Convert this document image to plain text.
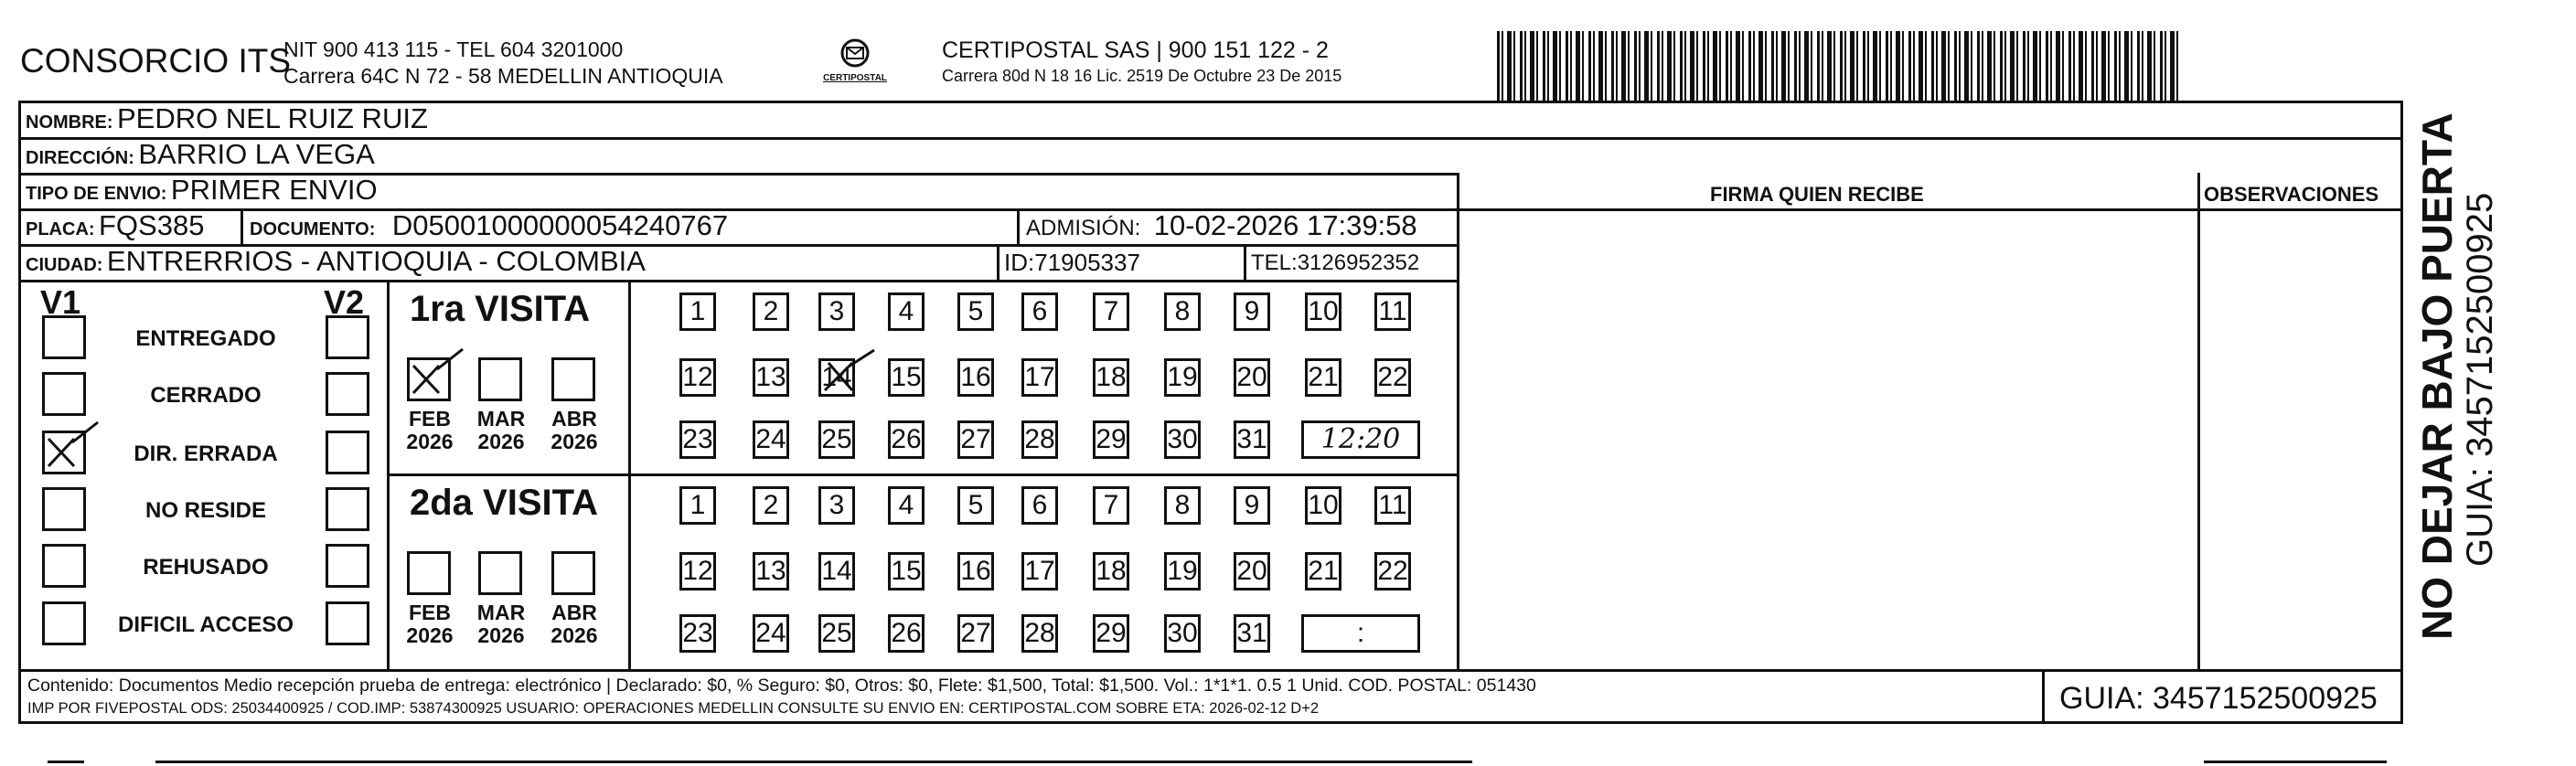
CONSORCIO ITS
NIT 900 413 115 - TEL 604 3201000
Carrera 64C N 72 - 58 MEDELLIN ANTIOQUIA	CERTIPOSTAL
CERTIPOSTAL SAS | 900 151 122 - 2
Carrera 80d N 18 16 Lic. 2519 De Octubre 23 De 2015
NOMBRE: PEDRO NEL RUIZ RUIZ
DIRECCIÓN: BARRIO LA VEGA
TIPO DE ENVIO: PRIMER ENVIO	FIRMA QUIEN RECIBE	OBSERVACIONES
PLACA: FQS385 DOCUMENTO: D05001000000054240767	ADMISIÓN: 10-02-2026 17:39:58
CIUDAD: ENTRERRIOS - ANTIOQUIA - COLOMBIA	ID:71905337	TEL:3126952352
V1	V2
ENTREGADO
CERRADO
DIR. ERRADA
NO RESIDE
REHUSADO
DIFICIL ACCESO
1ra VISITA
FEB
2026
MAR
2026
ABR
2026
1	2	3	4	5	6	7	8	9	10 11
12 13 14 15 16 17 18 19 20 21 22
23 24 25 26 27 28 29 30 31	12:20
2da VISITA
FEB
2026
MAR
2026
ABR
2026
1	2	3	4	5	6	7	8	9	10 11
12 13 14 15 16 17 18 19 20 21 22
23 24 25 26 27 28 29 30 31	:
Contenido: Documentos Medio recepción prueba de entrega: electrónico | Declarado: $0, % Seguro: $0, Otros: $0, Flete: $1,500, Total: $1,500. Vol.: 1*1*1. 0.5 1 Unid. COD. POSTAL: 051430
IMP POR FIVEPOSTAL ODS: 25034400925 / COD.IMP: 53874300925 USUARIO: OPERACIONES MEDELLIN CONSULTE SU ENVIO EN: CERTIPOSTAL.COM SOBRE ETA: 2026-02-12 D+2	GUIA: 3457152500925
NO DEJAR BAJO PUERTA GUIA: 3457152500925
